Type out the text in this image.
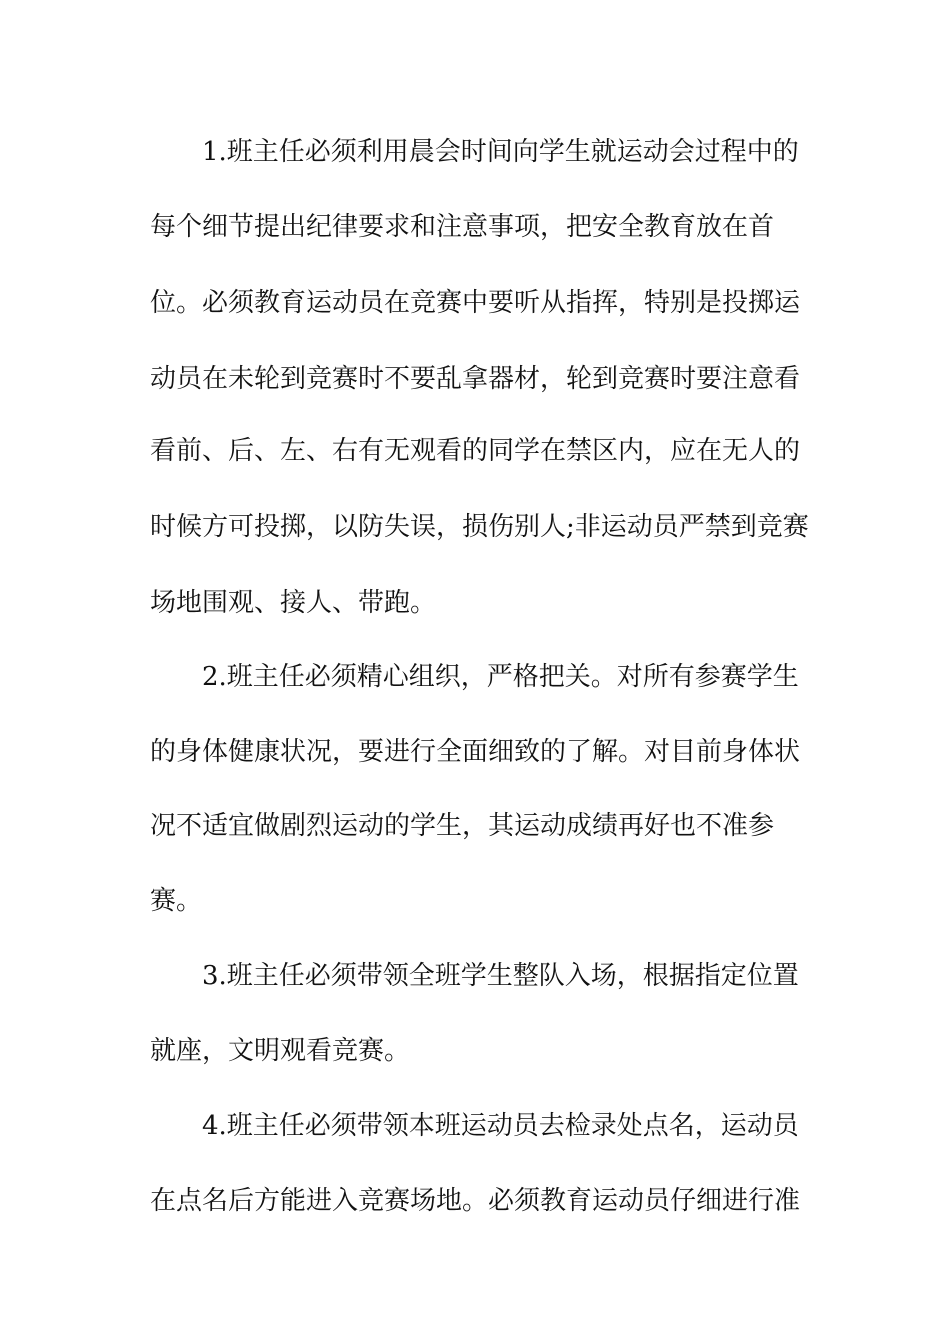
1.班主任必须利用晨会时间向学生就运动会过程中的
每个细节提出纪律要求和注意事项，把安全教育放在首
位。必须教育运动员在竞赛中要听从指挥，特别是投掷运
动员在未轮到竞赛时不要乱拿器材，轮到竞赛时要注意看
看前、后、左、右有无观看的同学在禁区内，应在无人的
时候方可投掷，以防失误，损伤别人;非运动员严禁到竞赛
场地围观、接人、带跑。
2.班主任必须精心组织，严格把关。对所有参赛学生
的身体健康状况，要进行全面细致的了解。对目前身体状
况不适宜做剧烈运动的学生，其运动成绩再好也不准参
赛。
3.班主任必须带领全班学生整队入场，根据指定位置
就座，文明观看竞赛。
4.班主任必须带领本班运动员去检录处点名，运动员
在点名后方能进入竞赛场地。必须教育运动员仔细进行准
